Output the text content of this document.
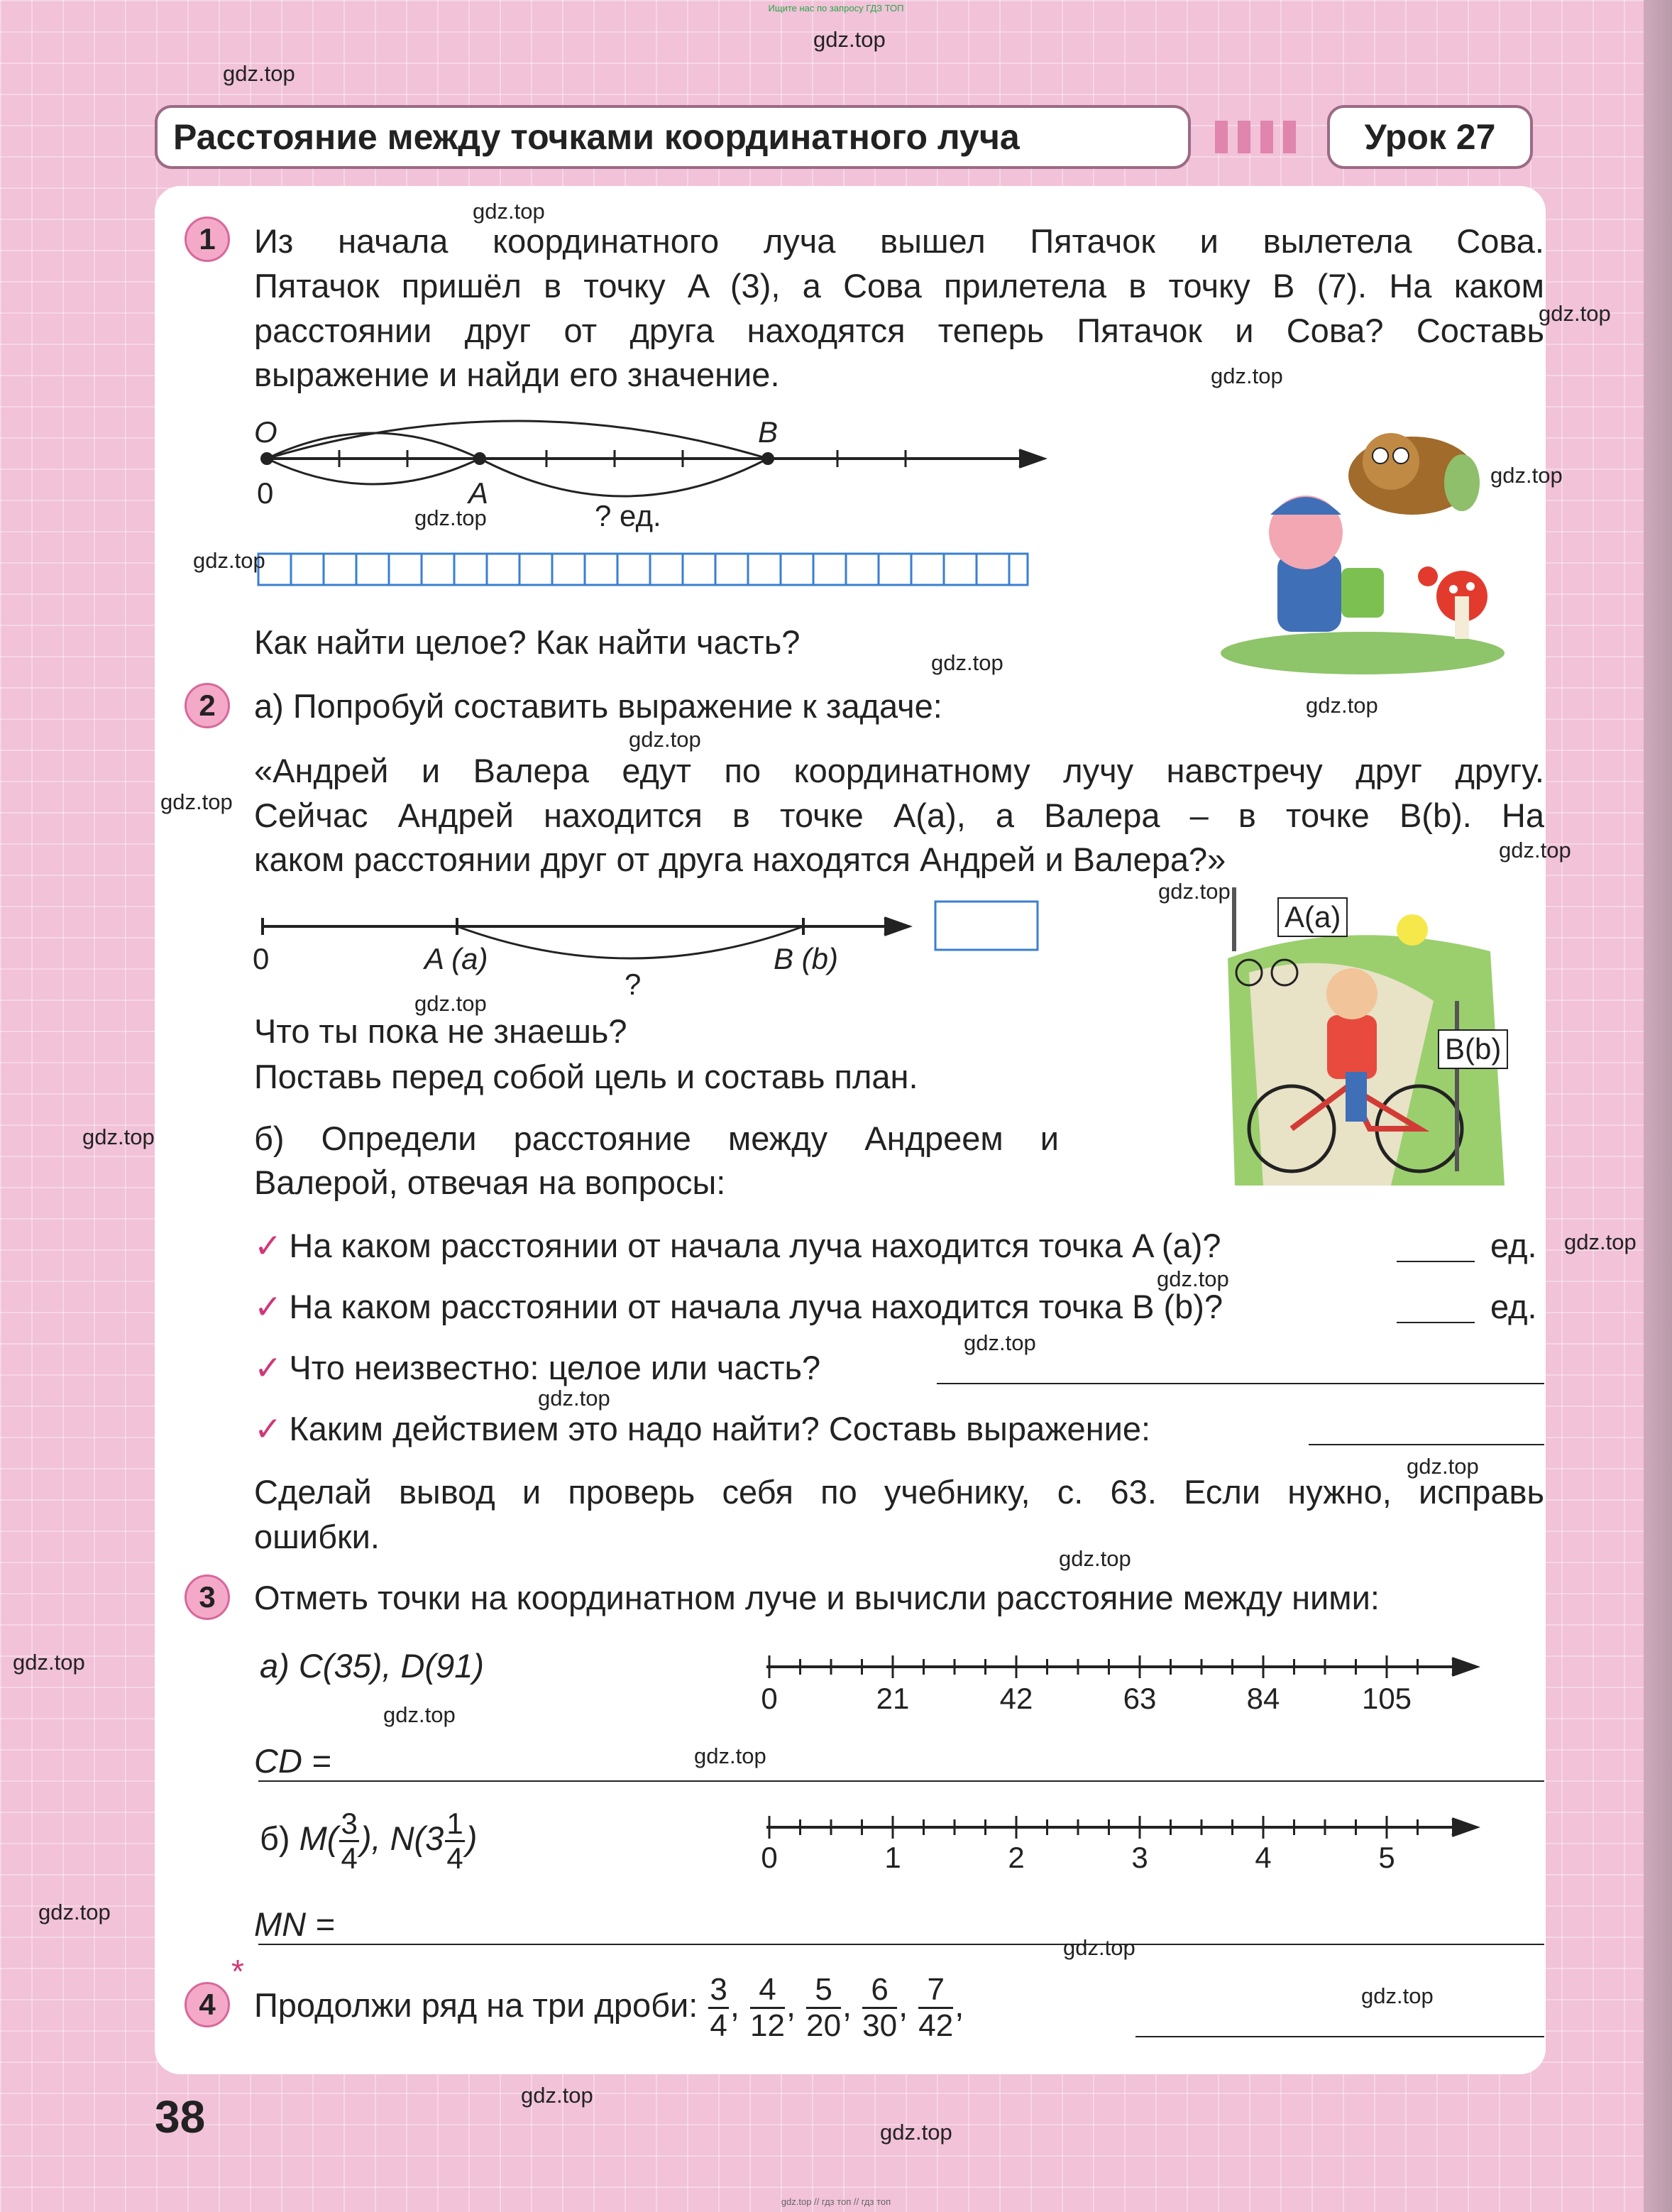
Ищите нас по запросу ГДЗ ТОП
Расстояние между точками координатного луча	Урок 27
1	Из начала координатного луча вышел Пятачок и вылетела Сова.
Пятачок пришёл в точку A (3), а Сова прилетела в точку B (7). На каком
расстоянии друг от друга находятся теперь Пятачок и Сова? Составь
выражение и найди его значение.
O	B
0	A
? ед.
Как найти целое? Как найти часть?
2	а) Попробуй составить выражение к задаче:
«Андрей и Валера едут по координатному лучу навстречу друг другу.
Сейчас Андрей находится в точке A(a), а Валера – в точке B(b). На
каком расстоянии друг от друга находятся Андрей и Валера?»
0	A (a)	B (b)
?
A(a)
B(b)
Что ты пока не знаешь?
Поставь перед собой цель и составь план.
б) Определи расстояние между Андреем и
Валерой, отвечая на вопросы:
✓ На каком расстоянии от начала луча находится точка A (a)?	ед.
✓ На каком расстоянии от начала луча находится точка B (b)?	ед.
✓ Что неизвестно: целое или часть?
✓ Каким действием это надо найти? Составь выражение:
Сделай вывод и проверь себя по учебнику, с. 63. Если нужно, исправь
ошибки.
3	Отметь точки на координатном луче и вычисли расстояние между ними:
а) C(35), D(91)
0	21	42	63	84	105
CD =
б) $M( \frac{3}{4}$ ), $N(3 \frac{1}{4}$ )
0	1	2	3	4	5
MN =
4
*
Продолжи ряд на три дроби: $\frac{3}{4}$ , $\frac{4}{12}$ , $\frac{5}{20}$ , $\frac{6}{30}$ , $\frac{7}{42}$ ,
38
gdz.top
gdz.top
gdz.top
gdz.top
gdz.top
gdz.top
gdz.top
gdz.top
gdz.top
gdz.top
gdz.top
gdz.top
gdz.top
gdz.top
gdz.top
gdz.top
gdz.top
gdz.top
gdz.top
gdz.top
gdz.top
gdz.top
gdz.top
gdz.top
gdz.top
gdz.top
gdz.top
gdz.top
gdz.top
gdz.top
gdz.top // гдз топ // гдз топ
